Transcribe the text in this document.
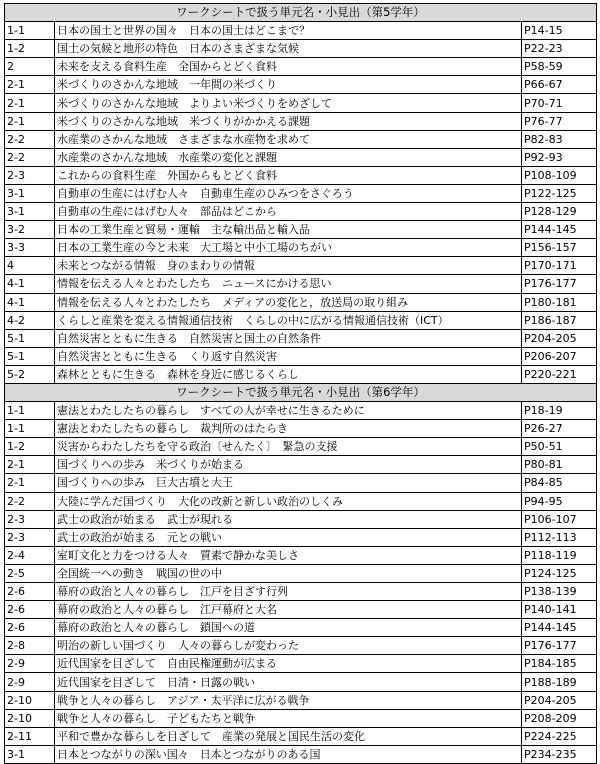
ワークシートで扱う単元名・小見出（第5学年）		
1-1	日本の国土と世界の国々　日本の国土はどこまで？	P14-15
1-2	国土の気候と地形の特色　日本のさまざまな気候	P22-23
2	未来を支える食料生産　全国からとどく食料	P58-59
2-1	米づくりのさかんな地域　一年間の米づくり	P66-67
2-1	米づくりのさかんな地域　よりよい米づくりをめざして	P70-71
2-1	米づくりのさかんな地域　米づくりがかかえる課題	P76-77
2-2	水産業のさかんな地域　さまざまな水産物を求めて	P82-83
2-2	水産業のさかんな地域　水産業の変化と課題	P92-93
2-3	これからの食料生産　外国からもとどく食料	P108-109
3-1	自動車の生産にはげむ人々　自動車生産のひみつをさぐろう	P122-125
3-1	自動車の生産にはげむ人々　部品はどこから	P128-129
3-2	日本の工業生産と貿易・運輸　主な輸出品と輸入品	P144-145
3-3	日本の工業生産の今と未来　大工場と中小工場のちがい	P156-157
4	未来とつながる情報　身のまわりの情報	P170-171
4-1	情報を伝える人々とわたしたち　ニュースにかける思い	P176-177
4-1	情報を伝える人々とわたしたち　メディアの変化と，放送局の取り組み	P180-181
4-2	くらしと産業を変える情報通信技術　くらしの中に広がる情報通信技術（ICT）	P186-187
5-1	自然災害とともに生きる　自然災害と国土の自然条件	P204-205
5-1	自然災害とともに生きる　くり返す自然災害	P206-207
5-2	森林とともに生きる　森林を身近に感じるくらし	P220-221
ワークシートで扱う単元名・小見出（第6学年）		
1-1	憲法とわたしたちの暮らし　すべての人が幸せに生きるために	P18-19
1-1	憲法とわたしたちの暮らし　裁判所のはたらき	P26-27
1-2	災害からわたしたちを守る政治〔せんたく〕　緊急の支援	P50-51
2-1	国づくりへの歩み　米づくりが始まる	P80-81
2-1	国づくりへの歩み　巨大古墳と大王	P84-85
2-2	大陸に学んだ国づくり　大化の改新と新しい政治のしくみ	P94-95
2-3	武士の政治が始まる　武士が現れる	P106-107
2-3	武士の政治が始まる　元との戦い	P112-113
2-4	室町文化と力をつける人々　質素で静かな美しさ	P118-119
2-5	全国統一への動き　戦国の世の中	P124-125
2-6	幕府の政治と人々の暮らし　江戸を目ざす行列	P138-139
2-6	幕府の政治と人々の暮らし　江戸幕府と大名	P140-141
2-6	幕府の政治と人々の暮らし　鎖国への道	P144-145
2-8	明治の新しい国づくり　人々の暮らしが変わった	P176-177
2-9	近代国家を目ざして　自由民権運動が広まる	P184-185
2-9	近代国家を目ざして　日清・日露の戦い	P188-189
2-10	戦争と人々の暮らし　アジア・太平洋に広がる戦争	P204-205
2-10	戦争と人々の暮らし　子どもたちと戦争	P208-209
2-11	平和で豊かな暮らしを目ざして　産業の発展と国民生活の変化	P224-225
3-1	日本とつながりの深い国々　日本とつながりのある国	P234-235
